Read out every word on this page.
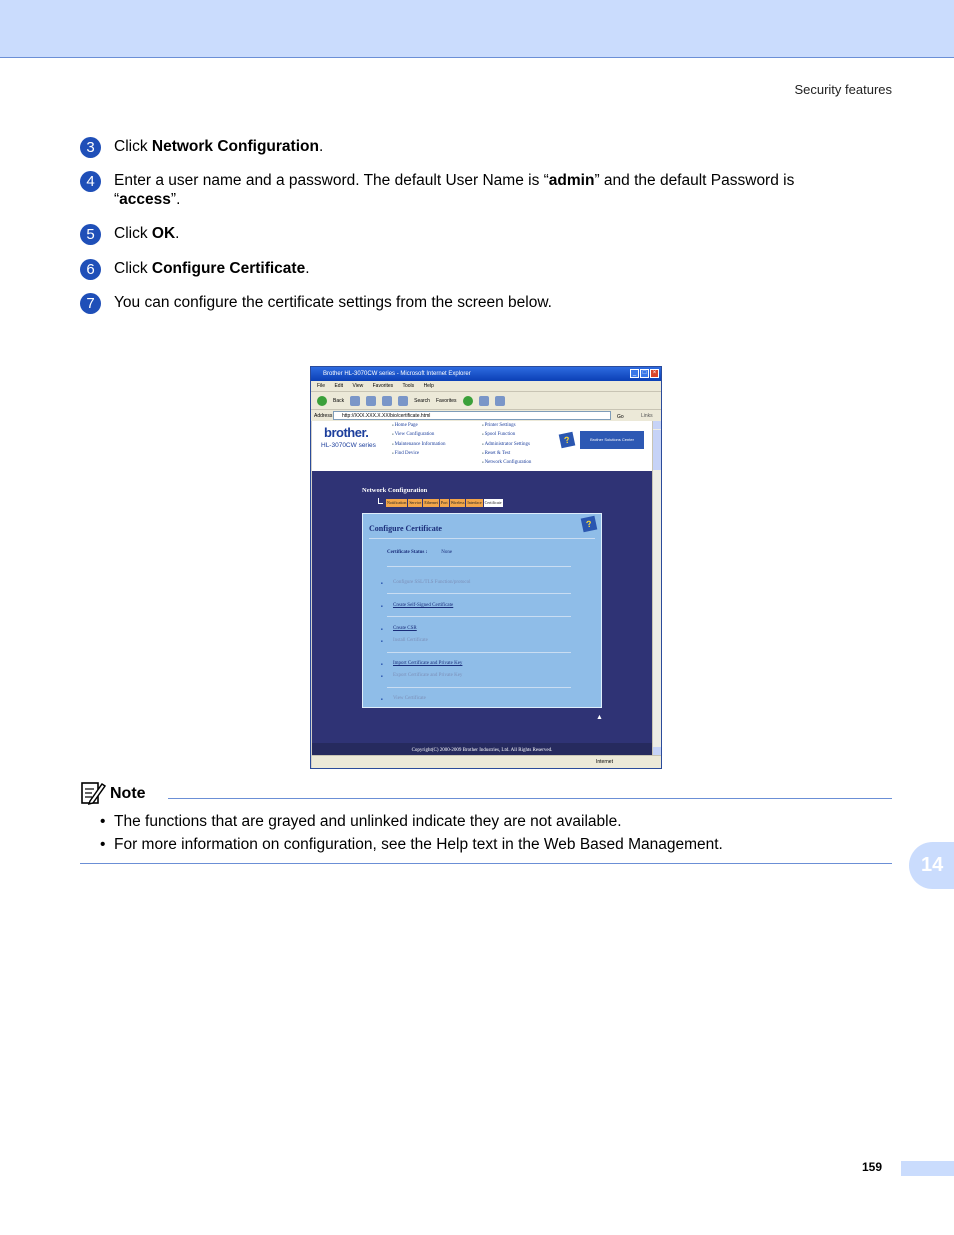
Security features
3	Click Network Configuration.
4	Enter a user name and a password. The default User Name is “admin” and the default Password is
“access”.
5	Click OK.
6	Click Configure Certificate.
7	You can configure the certificate settings from the screen below.
Brother HL-3070CW series - Microsoft Internet Explorer	_	□	×
File Edit View Favorites Tools Help
Back	Search Favorites
Address	http://XXX.XXX.X.XX/bio/certificate.html	Go	Links
brother.
HL-3070CW series
■ Home Page
■ View Configuration
■ Maintenance Information
■ Find Device
■ Printer Settings
■ Spool Function
■ Administrator Settings
■ Reset & Test
■ Network Configuration
?	Brother Solutions Center
Network Configuration
Notification Service Ethernet Port Wireless Interface Certificate
Configure Certificate	?
Certificate Status :	None
■ Configure SSL/TLS Function/protocol
■ Create Self-Signed Certificate
■ Create CSR
■ Install Certificate
■ Import Certificate and Private Key
■ Export Certificate and Private Key
■ View Certificate
▲
Copyright(C) 2000-2009 Brother Industries, Ltd. All Rights Reserved.
Internet
Note
• The functions that are grayed and unlinked indicate they are not available.
• For more information on configuration, see the Help text in the Web Based Management.
14
159
